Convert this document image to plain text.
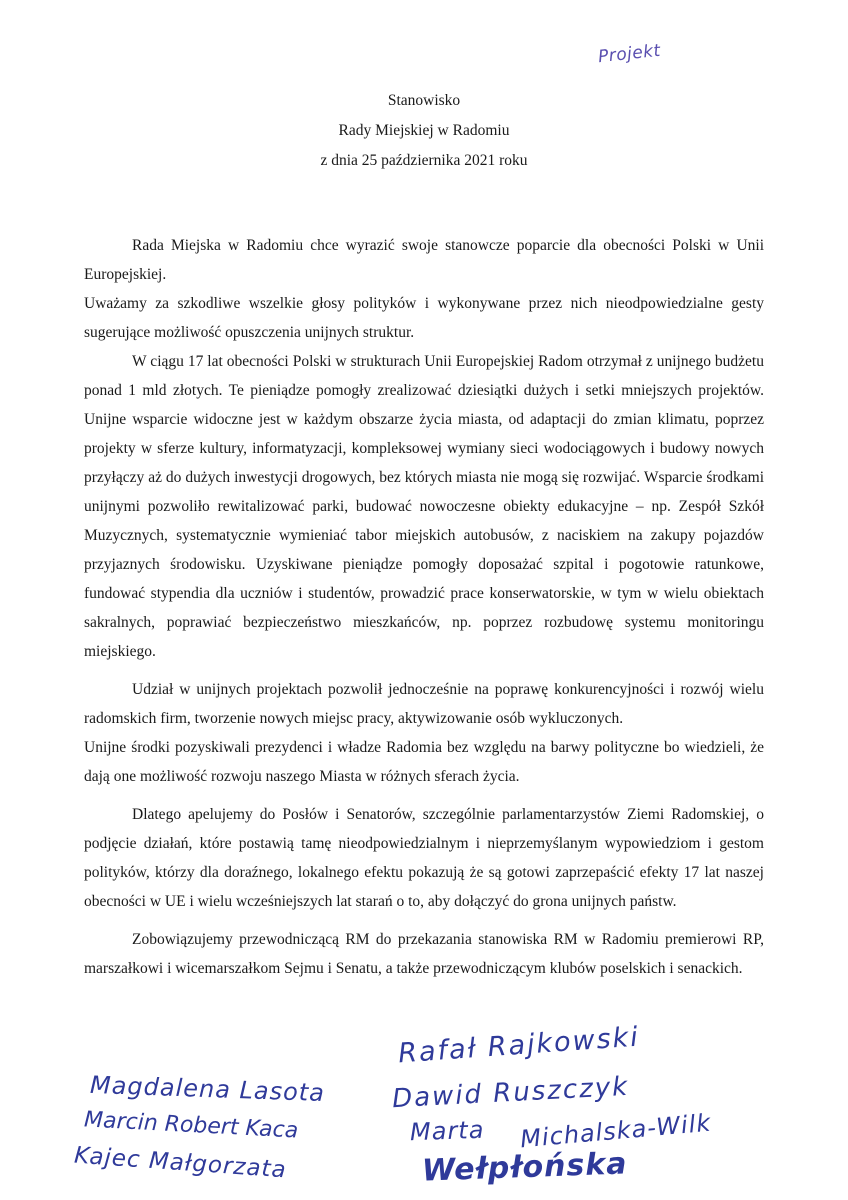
Projekt
Stanowisko
Rady Miejskiej w Radomiu
z dnia 25 października 2021 roku

Rada Miejska w Radomiu chce wyrazić swoje stanowcze poparcie dla obecności Polski w Unii Europejskiej.

Uważamy za szkodliwe wszelkie głosy polityków i wykonywane przez nich nieodpowiedzialne gesty sugerujące możliwość opuszczenia unijnych struktur.

W ciągu 17 lat obecności Polski w strukturach Unii Europejskiej Radom otrzymał z unijnego budżetu ponad 1 mld złotych. Te pieniądze pomogły zrealizować dziesiątki dużych i setki mniejszych projektów. Unijne wsparcie widoczne jest w każdym obszarze życia miasta, od adaptacji do zmian klimatu, poprzez projekty w sferze kultury, informatyzacji, kompleksowej wymiany sieci wodociągowych i budowy nowych przyłączy aż do dużych inwestycji drogowych, bez których miasta nie mogą się rozwijać. Wsparcie środkami unijnymi pozwoliło rewitalizować parki, budować nowoczesne obiekty edukacyjne – np. Zespół Szkół Muzycznych, systematycznie wymieniać tabor miejskich autobusów, z naciskiem na zakupy pojazdów przyjaznych środowisku. Uzyskiwane pieniądze pomogły doposażać szpital i pogotowie ratunkowe, fundować stypendia dla uczniów i studentów, prowadzić prace konserwatorskie, w tym w wielu obiektach sakralnych, poprawiać bezpieczeństwo mieszkańców, np. poprzez rozbudowę systemu monitoringu miejskiego.

Udział w unijnych projektach pozwolił jednocześnie na poprawę konkurencyjności i rozwój wielu radomskich firm, tworzenie nowych miejsc pracy, aktywizowanie osób wykluczonych.

Unijne środki pozyskiwali prezydenci i władze Radomia bez względu na barwy polityczne bo wiedzieli, że dają one możliwość rozwoju naszego Miasta w różnych sferach życia.

Dlatego apelujemy do Posłów i Senatorów, szczególnie parlamentarzystów Ziemi Radomskiej, o podjęcie działań, które postawią tamę nieodpowiedzialnym i nieprzemyślanym wypowiedziom i gestom polityków, którzy dla doraźnego, lokalnego efektu pokazują że są gotowi zaprzepaścić efekty 17 lat naszej obecności w UE i wielu wcześniejszych lat starań o to, aby dołączyć do grona unijnych państw.

Zobowiązujemy przewodniczącą RM do przekazania stanowiska RM w Radomiu premierowi RP, marszałkowi i wicemarszałkom Sejmu i Senatu, a także przewodniczącym klubów poselskich i senackich.

Magdalena Lasota
Marcin Robert Kaca
Kajec Małgorzata
Rafał Rajkowski
Dawid Ruszczyk
Marta Michalska-Wilk
Wełpłońska
